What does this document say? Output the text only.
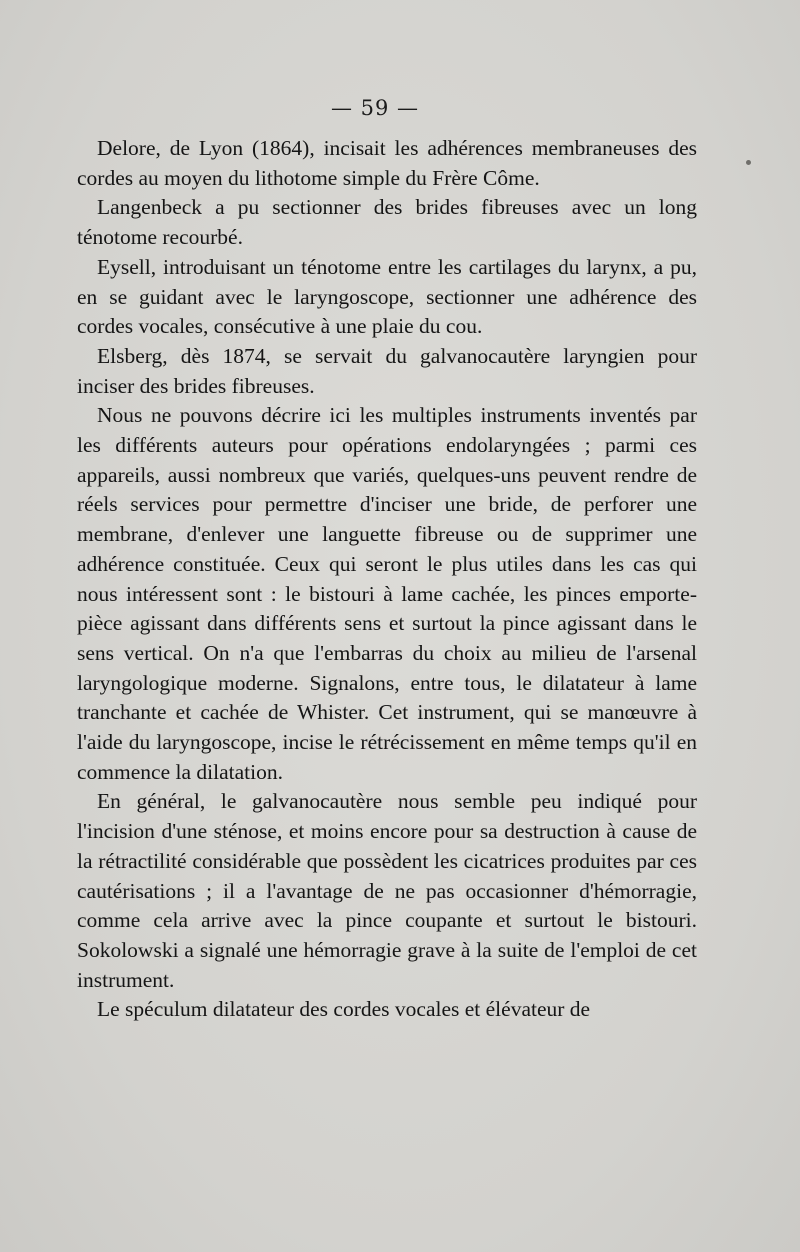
— 59 —

Delore, de Lyon (1864), incisait les adhérences membraneuses des cordes au moyen du lithotome simple du Frère Côme.

Langenbeck a pu sectionner des brides fibreuses avec un long ténotome recourbé.

Eysell, introduisant un ténotome entre les cartilages du larynx, a pu, en se guidant avec le laryngoscope, sectionner une adhérence des cordes vocales, consécutive à une plaie du cou.

Elsberg, dès 1874, se servait du galvanocautère laryngien pour inciser des brides fibreuses.

Nous ne pouvons décrire ici les multiples instruments inventés par les différents auteurs pour opérations endolaryngées ; parmi ces appareils, aussi nombreux que variés, quelques-uns peuvent rendre de réels services pour permettre d'inciser une bride, de perforer une membrane, d'enlever une languette fibreuse ou de supprimer une adhérence constituée. Ceux qui seront le plus utiles dans les cas qui nous intéressent sont : le bistouri à lame cachée, les pinces emporte-pièce agissant dans différents sens et surtout la pince agissant dans le sens vertical. On n'a que l'embarras du choix au milieu de l'arsenal laryngologique moderne. Signalons, entre tous, le dilatateur à lame tranchante et cachée de Whister. Cet instrument, qui se manœuvre à l'aide du laryngoscope, incise le rétrécissement en même temps qu'il en commence la dilatation.

En général, le galvanocautère nous semble peu indiqué pour l'incision d'une sténose, et moins encore pour sa destruction à cause de la rétractilité considérable que possèdent les cicatrices produites par ces cautérisations ; il a l'avantage de ne pas occasionner d'hémorragie, comme cela arrive avec la pince coupante et surtout le bistouri. Sokolowski a signalé une hémorragie grave à la suite de l'emploi de cet instrument.

Le spéculum dilatateur des cordes vocales et élévateur de
